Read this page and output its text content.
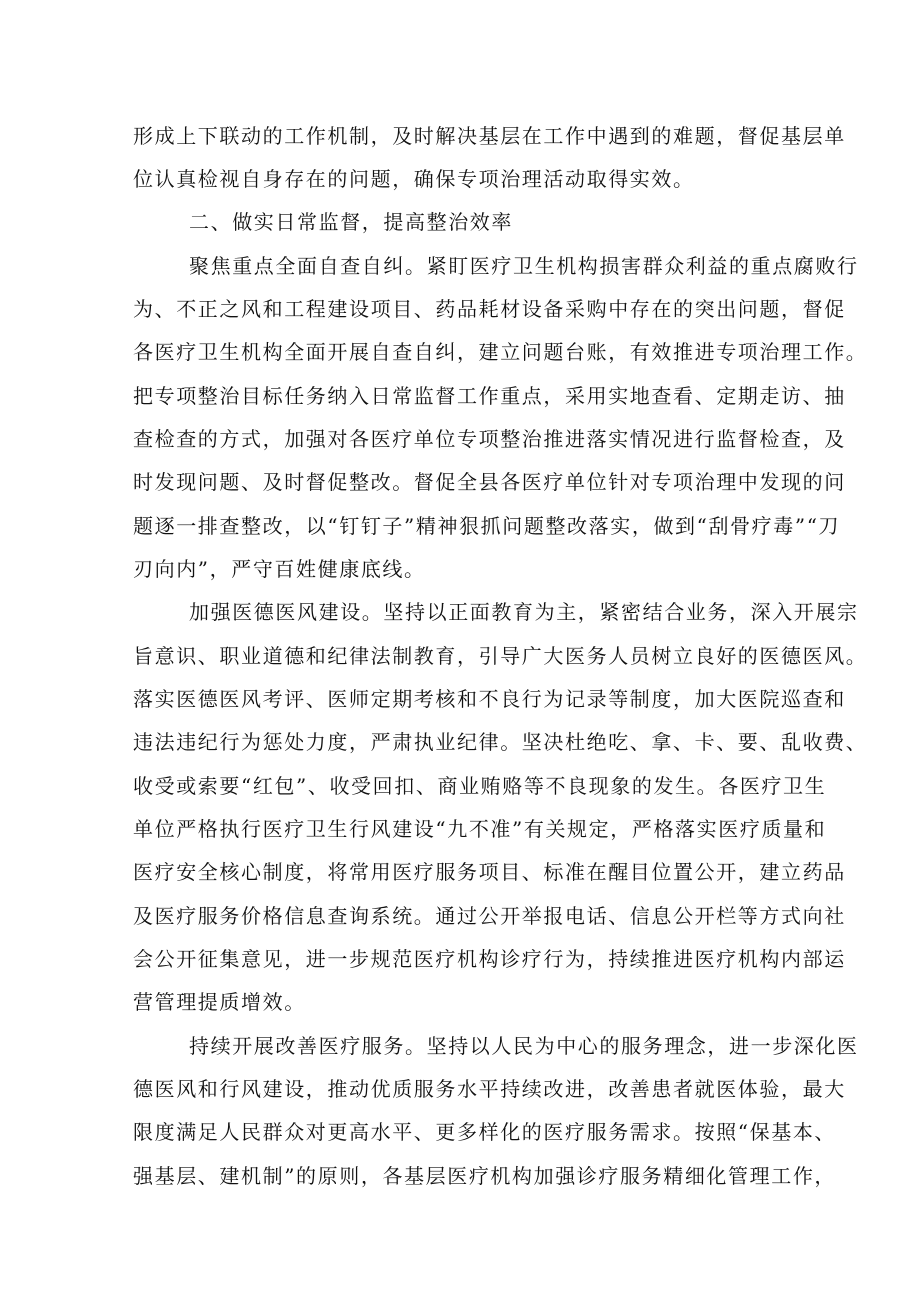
形成上下联动的工作机制，及时解决基层在工作中遇到的难题，督促基层单
位认真检视自身存在的问题，确保专项治理活动取得实效。
二、做实日常监督，提高整治效率
聚焦重点全面自查自纠。紧盯医疗卫生机构损害群众利益的重点腐败行
为、不正之风和工程建设项目、药品耗材设备采购中存在的突出问题，督促
各医疗卫生机构全面开展自查自纠，建立问题台账，有效推进专项治理工作。
把专项整治目标任务纳入日常监督工作重点，采用实地查看、定期走访、抽
查检查的方式，加强对各医疗单位专项整治推进落实情况进行监督检查，及
时发现问题、及时督促整改。督促全县各医疗单位针对专项治理中发现的问
题逐一排查整改，以“钉钉子”精神狠抓问题整改落实，做到“刮骨疗毒”“刀
刃向内”，严守百姓健康底线。
加强医德医风建设。坚持以正面教育为主，紧密结合业务，深入开展宗
旨意识、职业道德和纪律法制教育，引导广大医务人员树立良好的医德医风。
落实医德医风考评、医师定期考核和不良行为记录等制度，加大医院巡查和
违法违纪行为惩处力度，严肃执业纪律。坚决杜绝吃、拿、卡、要、乱收费、
收受或索要“红包”、收受回扣、商业贿赂等不良现象的发生。各医疗卫生
单位严格执行医疗卫生行风建设“九不准”有关规定，严格落实医疗质量和
医疗安全核心制度，将常用医疗服务项目、标准在醒目位置公开，建立药品
及医疗服务价格信息查询系统。通过公开举报电话、信息公开栏等方式向社
会公开征集意见，进一步规范医疗机构诊疗行为，持续推进医疗机构内部运
营管理提质增效。
持续开展改善医疗服务。坚持以人民为中心的服务理念，进一步深化医
德医风和行风建设，推动优质服务水平持续改进，改善患者就医体验，最大
限度满足人民群众对更高水平、更多样化的医疗服务需求。按照“保基本、
强基层、建机制”的原则，各基层医疗机构加强诊疗服务精细化管理工作，
